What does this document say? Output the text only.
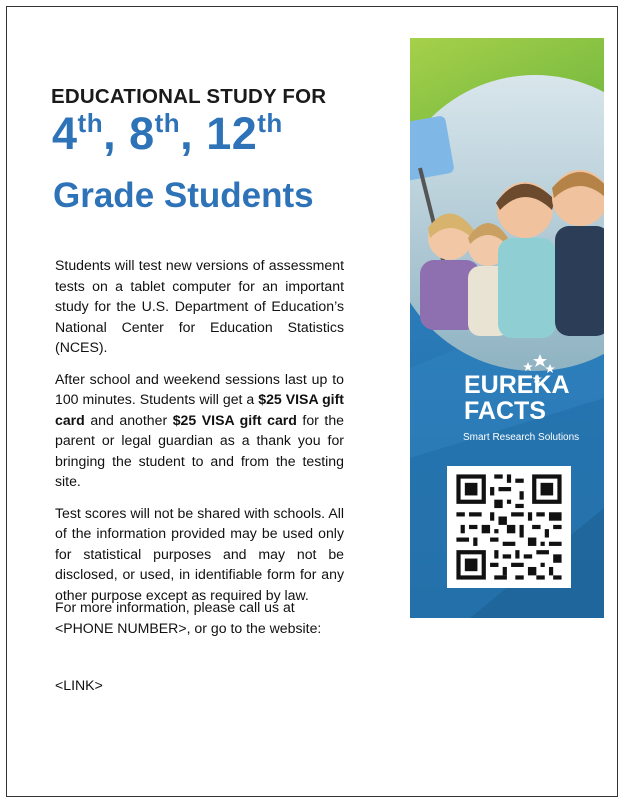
EDUCATIONAL STUDY FOR
4th, 8th, 12th
Grade Students

Students will test new versions of assessment tests on a tablet computer for an important study for the U.S. Department of Education’s National Center for Education Statistics (NCES).

After school and weekend sessions last up to 100 minutes. Students will get a $25 VISA gift card and another $25 VISA gift card for the parent or legal guardian as a thank you for bringing the student to and from the testing site.

Test scores will not be shared with schools. All of the information provided may be used only for statistical purposes and may not be disclosed, or used, in identifiable form for any other purpose except as required by law.

For more information, please call us at <PHONE NUMBER>, or go to the website:
<LINK>
EUREKA
FACTS
Smart Research Solutions
